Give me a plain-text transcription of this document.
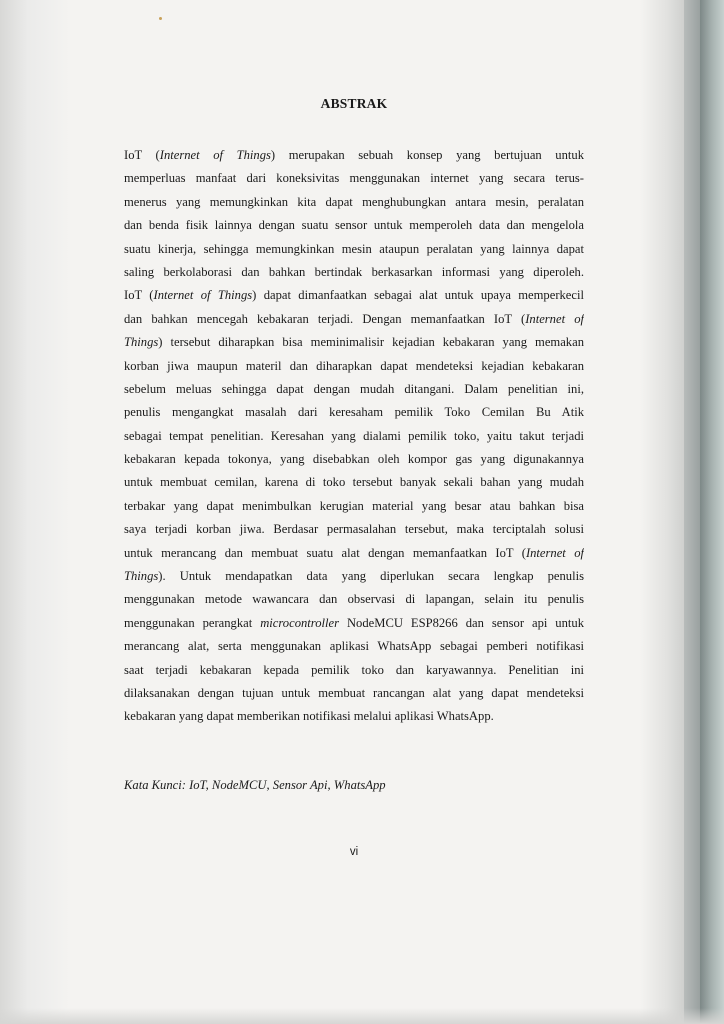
ABSTRAK
IoT (Internet of Things) merupakan sebuah konsep yang bertujuan untuk
memperluas manfaat dari koneksivitas menggunakan internet yang secara terus-
menerus yang memungkinkan kita dapat menghubungkan antara mesin, peralatan
dan benda fisik lainnya dengan suatu sensor untuk memperoleh data dan mengelola
suatu kinerja, sehingga memungkinkan mesin ataupun peralatan yang lainnya dapat
saling berkolaborasi dan bahkan bertindak berkasarkan informasi yang diperoleh.
IoT (Internet of Things) dapat dimanfaatkan sebagai alat untuk upaya memperkecil
dan bahkan mencegah kebakaran terjadi. Dengan memanfaatkan IoT (Internet of
Things) tersebut diharapkan bisa meminimalisir kejadian kebakaran yang memakan
korban jiwa maupun materil dan diharapkan dapat mendeteksi kejadian kebakaran
sebelum meluas sehingga dapat dengan mudah ditangani. Dalam penelitian ini,
penulis mengangkat masalah dari keresaham pemilik Toko Cemilan Bu Atik
sebagai tempat penelitian. Keresahan yang dialami pemilik toko, yaitu takut terjadi
kebakaran kepada tokonya, yang disebabkan oleh kompor gas yang digunakannya
untuk membuat cemilan, karena di toko tersebut banyak sekali bahan yang mudah
terbakar yang dapat menimbulkan kerugian material yang besar atau bahkan bisa
saya terjadi korban jiwa. Berdasar permasalahan tersebut, maka terciptalah solusi
untuk merancang dan membuat suatu alat dengan memanfaatkan IoT (Internet of
Things). Untuk mendapatkan data yang diperlukan secara lengkap penulis
menggunakan metode wawancara dan observasi di lapangan, selain itu penulis
menggunakan perangkat microcontroller NodeMCU ESP8266 dan sensor api untuk
merancang alat, serta menggunakan aplikasi WhatsApp sebagai pemberi notifikasi
saat terjadi kebakaran kepada pemilik toko dan karyawannya. Penelitian ini
dilaksanakan dengan tujuan untuk membuat rancangan alat yang dapat mendeteksi
kebakaran yang dapat memberikan notifikasi melalui aplikasi WhatsApp.

Kata Kunci: IoT, NodeMCU, Sensor Api, WhatsApp

vi
